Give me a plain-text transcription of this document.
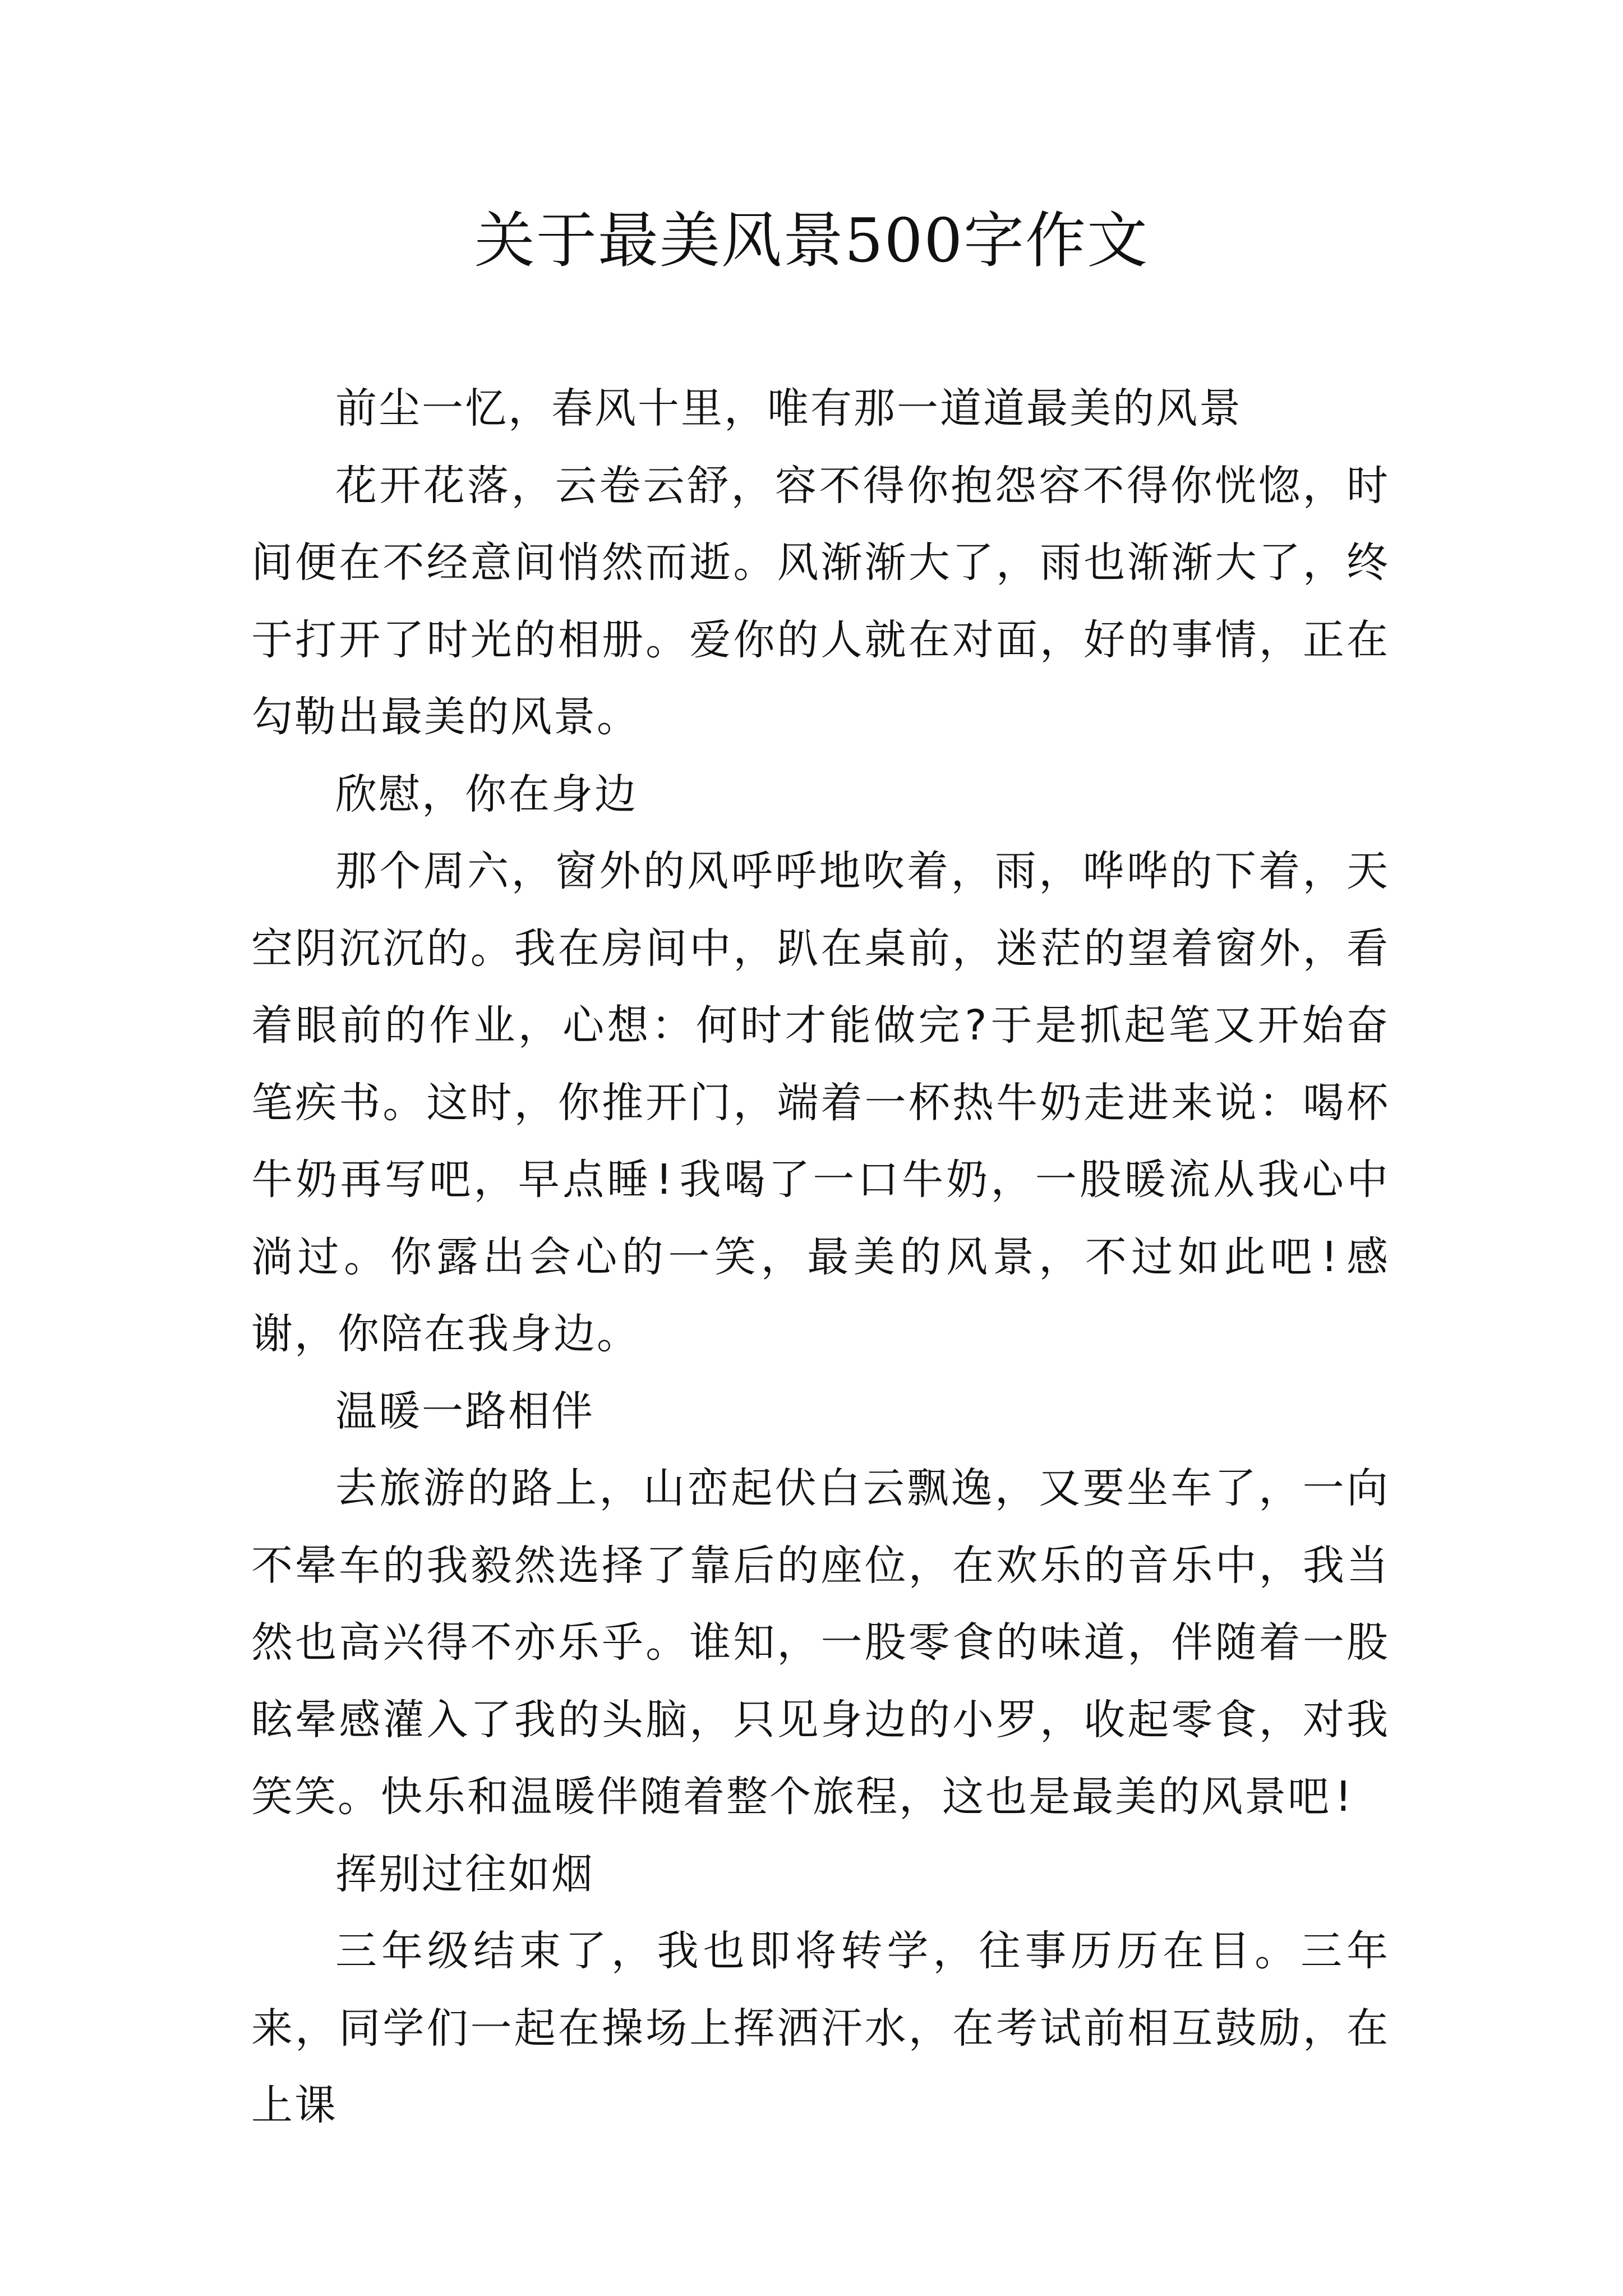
关于最美风景500字作文

前尘一忆，春风十里，唯有那一道道最美的风景

花开花落，云卷云舒，容不得你抱怨容不得你恍惚，时间便在不经意间悄然而逝。风渐渐大了，雨也渐渐大了，终于打开了时光的相册。爱你的人就在对面，好的事情，正在勾勒出最美的风景。

欣慰，你在身边

那个周六，窗外的风呼呼地吹着，雨，哗哗的下着，天空阴沉沉的。我在房间中，趴在桌前，迷茫的望着窗外，看着眼前的作业，心想：何时才能做完?于是抓起笔又开始奋笔疾书。这时，你推开门，端着一杯热牛奶走进来说：喝杯牛奶再写吧，早点睡!我喝了一口牛奶，一股暖流从我心中淌过。你露出会心的一笑，最美的风景，不过如此吧!感谢，你陪在我身边。

温暖一路相伴

去旅游的路上，山峦起伏白云飘逸，又要坐车了，一向不晕车的我毅然选择了靠后的座位，在欢乐的音乐中，我当然也高兴得不亦乐乎。谁知，一股零食的味道，伴随着一股眩晕感灌入了我的头脑，只见身边的小罗，收起零食，对我笑笑。快乐和温暖伴随着整个旅程，这也是最美的风景吧!

挥别过往如烟

三年级结束了，我也即将转学，往事历历在目。三年来，同学们一起在操场上挥洒汗水，在考试前相互鼓励，在上课
